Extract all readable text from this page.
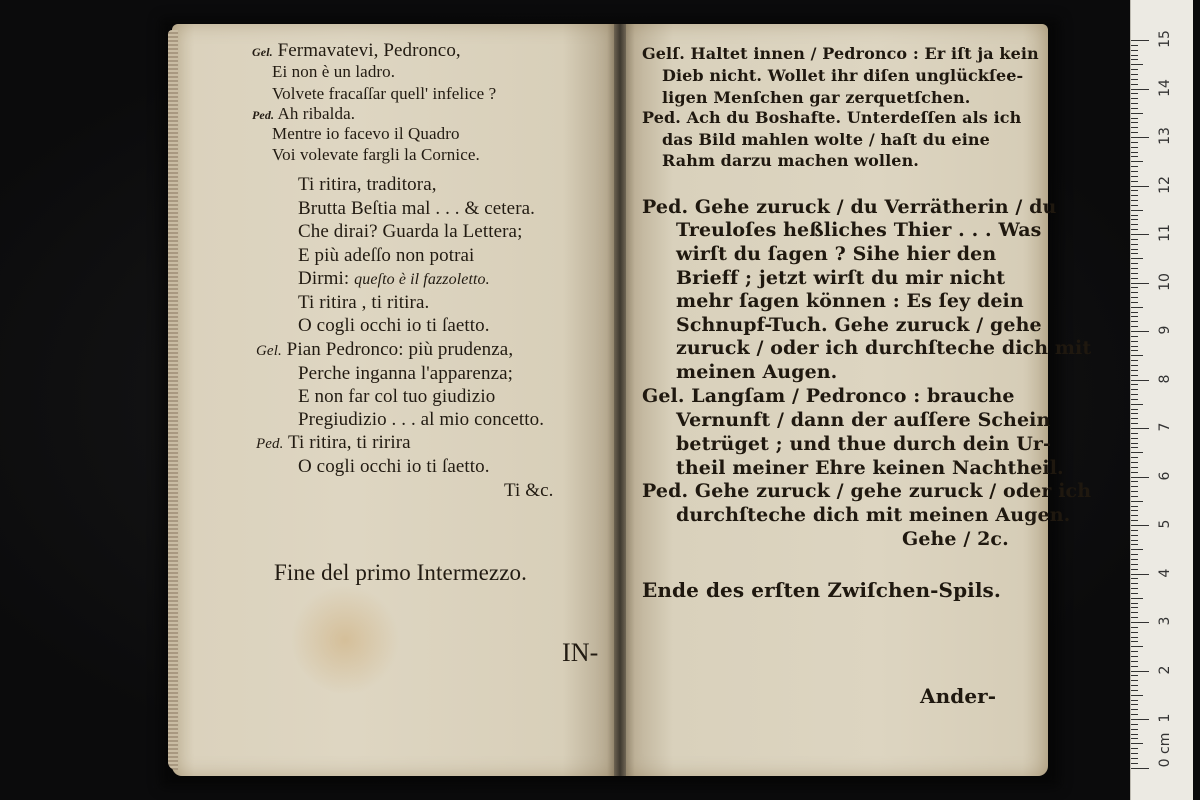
Gel. Fermavatevi, Pedronco,
Ei non è un ladro.
Volvete fracaſſar quell' infelice ?
Ped. Ah ribalda.
Mentre io facevo il Quadro
Voi volevate fargli la Cornice.
Ti ritira, traditora,
Brutta Beſtia mal . . . & cetera.
Che dirai? Guarda la Lettera;
E più adeſſo non potrai
Dirmi: queſto è il fazzoletto.
Ti ritira , ti ritira.
O cogli occhi io ti ſaetto.
Gel. Pian Pedronco: più prudenza,
Perche inganna l'apparenza;
E non far col tuo giudizio
Pregiudizio . . . al mio concetto.
Ped. Ti ritira, ti ririra
O cogli occhi io ti ſaetto.
Ti &c.
Fine del primo Intermezzo.
IN-
Gelſ. Haltet innen / Pedronco : Er iſt ja kein
Dieb nicht. Wollet ihr diſen unglückſee-
ligen Menſchen gar zerquetſchen.
Ped. Ach du Boshafte. Unterdeſſen als ich
das Bild mahlen wolte / haſt du eine
Rahm darzu machen wollen.
Ped. Gehe zuruck / du Verrätherin / du
Treuloſes heßliches Thier . . . Was
wirſt du ſagen ? Sihe hier den
Brieff ; jetzt wirſt du mir nicht
mehr ſagen können : Es ſey dein
Schnupf-Tuch. Gehe zuruck / gehe
zuruck / oder ich durchſteche dich mit
meinen Augen.
Gel. Langſam / Pedronco : brauche
Vernunft / dann der auſſere Schein
betrüget ; und thue durch dein Ur-
theil meiner Ehre keinen Nachtheil.
Ped. Gehe zuruck / gehe zuruck / oder ich
durchſteche dich mit meinen Augen.
Gehe / 2c.
Ende des erſten Zwiſchen-Spils.
Ander-
15
14
13
12
11
10
9
8
7
6
5
4
3
2
1
0 cm
